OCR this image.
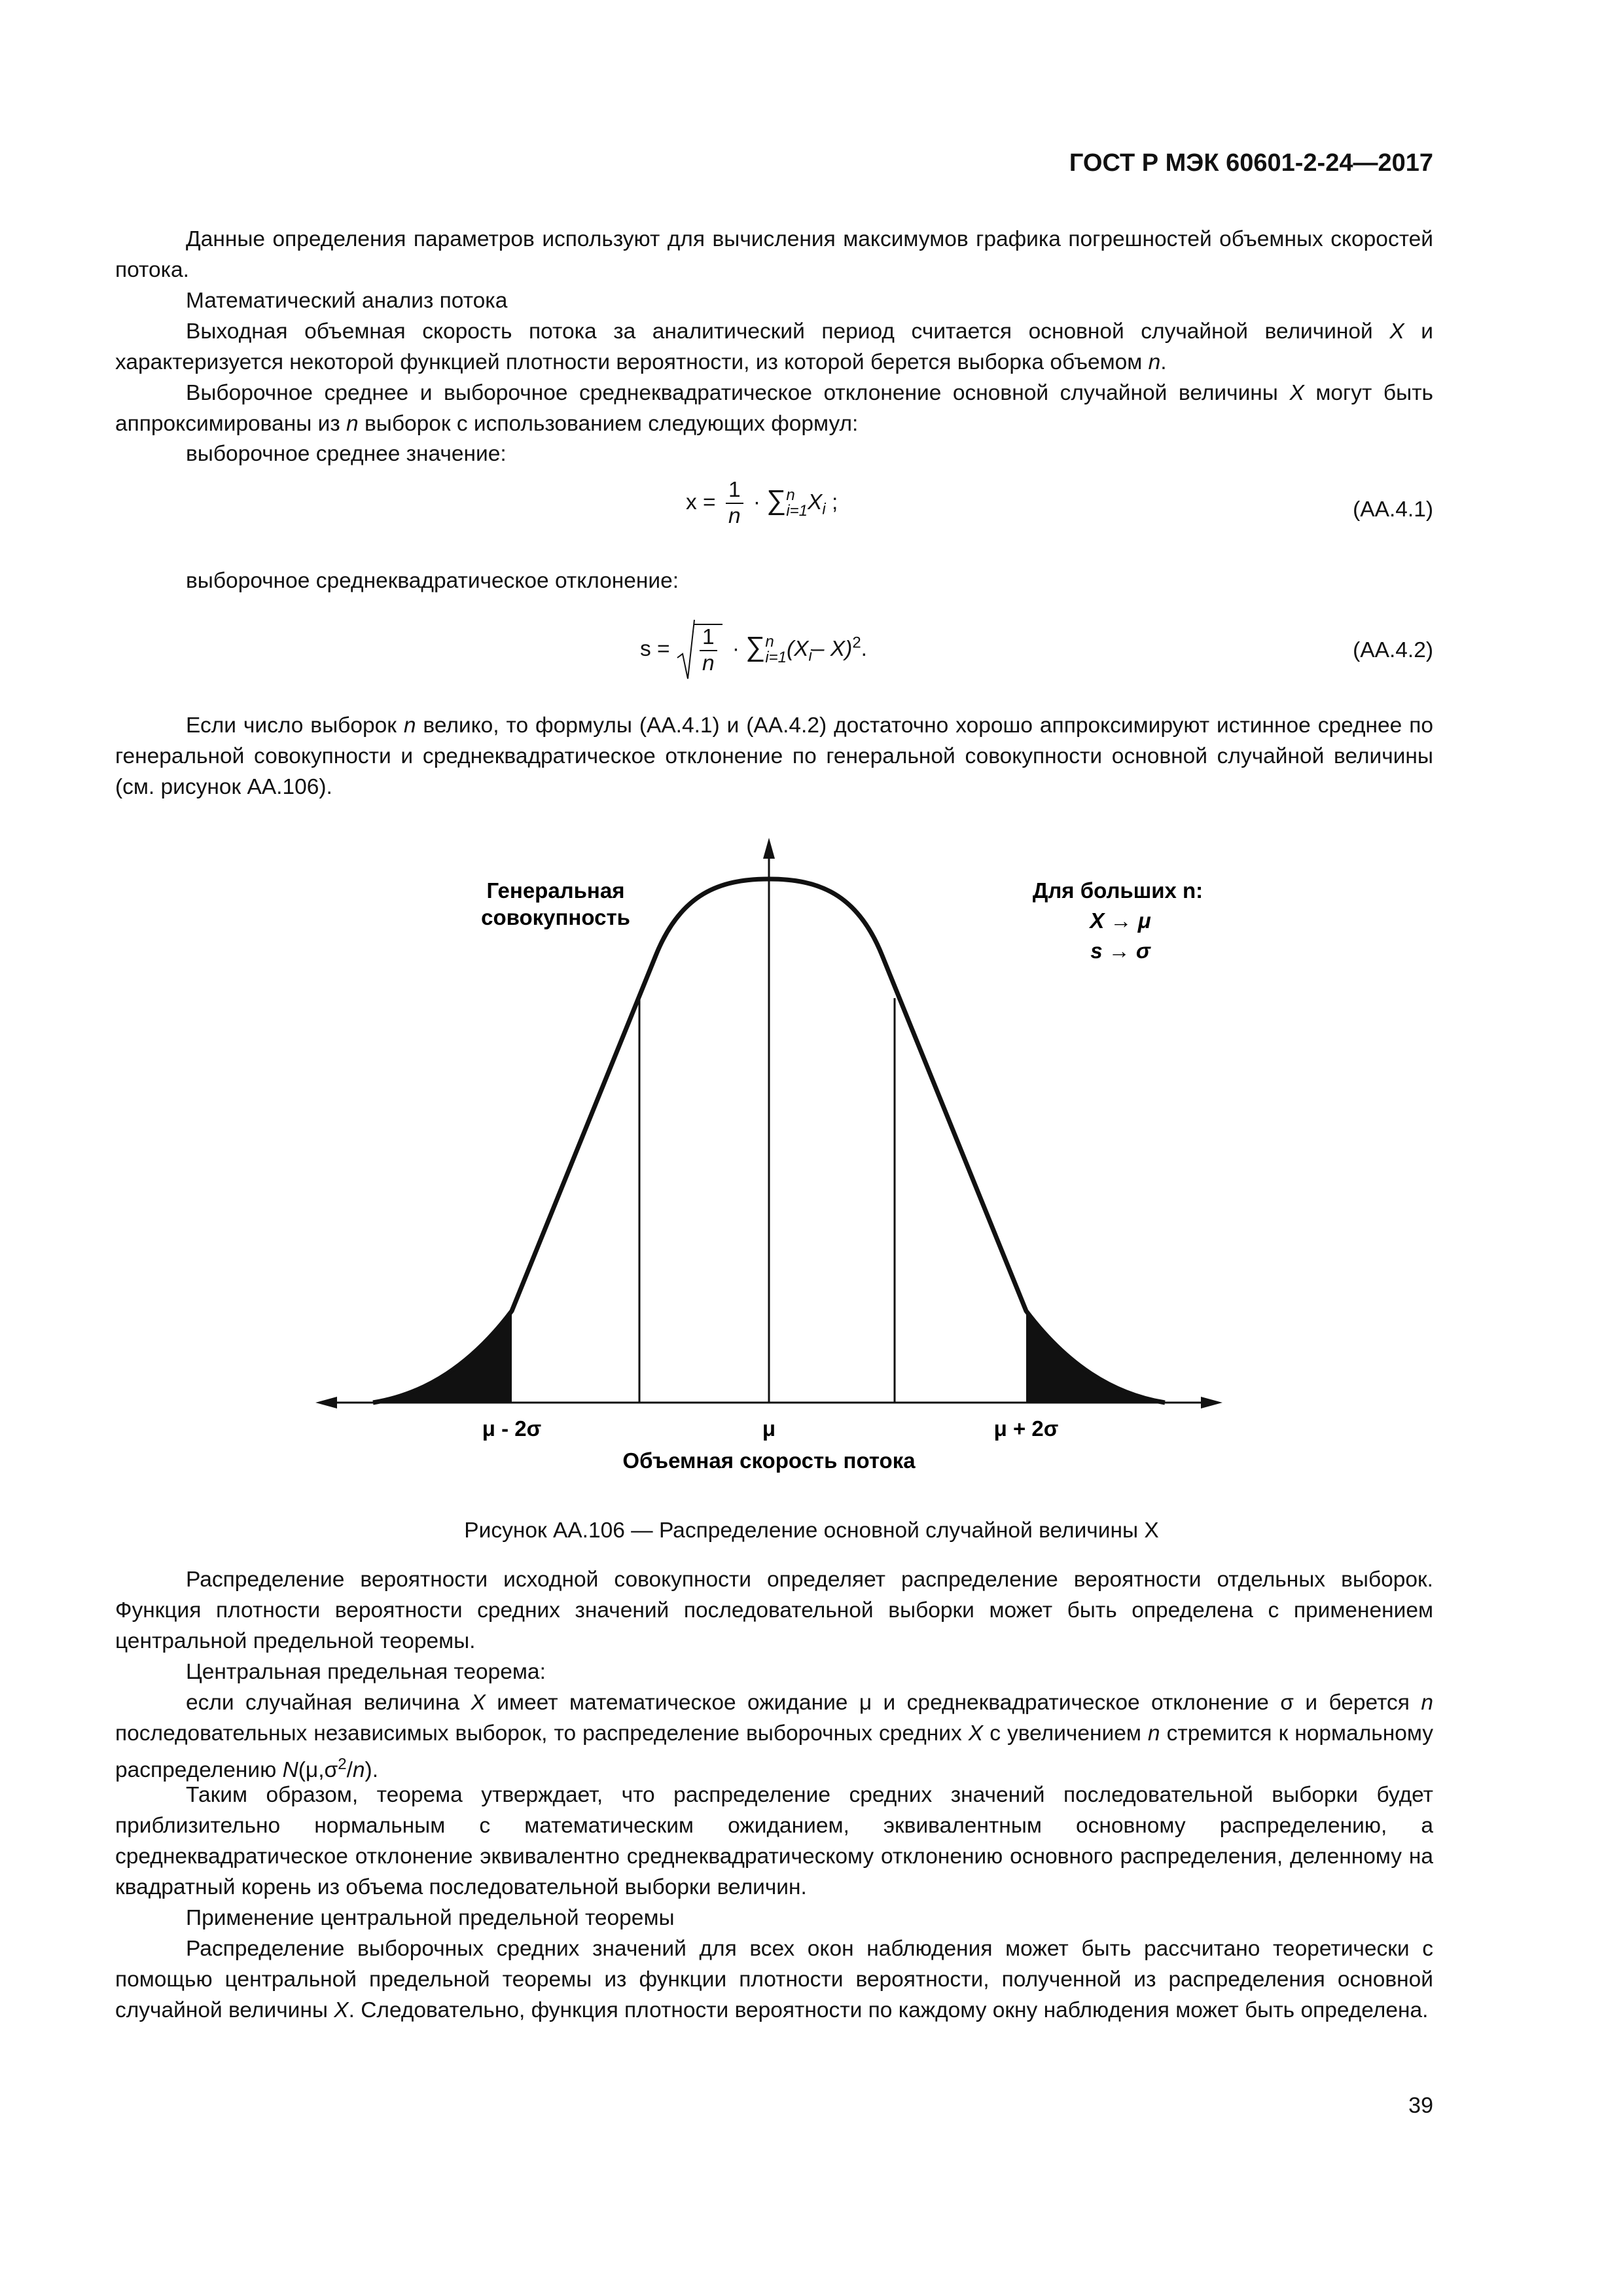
ГОСТ Р МЭК 60601-2-24—2017

Данные определения параметров используют для вычисления максимумов графика погрешностей объемных скоростей потока.

Математический анализ потока

Выходная объемная скорость потока за аналитический период считается основной случайной величиной X и характеризуется некоторой функцией плотности вероятности, из которой берется выборка объемом n.

Выборочное среднее и выборочное среднеквадратическое отклонение основной случайной величины X могут быть аппроксимированы из n выборок с использованием следующих формул:

выборочное среднее значение:
$x = \frac{1}{n}$ · ∑ n
i=1 $X_i$ ;	(АА.4.1)
выборочное среднеквадратическое отклонение:
$s = \frac{1}{n}$ · ∑ n
i=1 ($X_i-$ X)$^2$.	(АА.4.2)

Если число выборок n велико, то формулы (АА.4.1) и (АА.4.2) достаточно хорошо аппроксимируют истинное среднее по генеральной совокупности и среднеквадратическое отклонение по генеральной совокупности основной случайной величины (см. рисунок АА.106).

Генеральная
совокупность
Для больших n:
X → μ
s → σ
μ - 2σ	μ	μ + 2σ
Объемная скорость потока
Рисунок АА.106 — Распределение основной случайной величины X

Распределение вероятности исходной совокупности определяет распределение вероятности отдельных выборок. Функция плотности вероятности средних значений последовательной выборки может быть определена с применением центральной предельной теоремы.

Центральная предельная теорема:

если случайная величина X имеет математическое ожидание μ и среднеквадратическое отклонение σ и берется n последовательных независимых выборок, то распределение выборочных средних X с увеличением n стремится к нормальному распределению $N(\mu,\sigma^2/n)$.

Таким образом, теорема утверждает, что распределение средних значений последовательной выборки будет приблизительно нормальным с математическим ожиданием, эквивалентным основному распределению, а среднеквадратическое отклонение эквивалентно среднеквадратическому отклонению основного распределения, деленному на квадратный корень из объема последовательной выборки величин.

Применение центральной предельной теоремы

Распределение выборочных средних значений для всех окон наблюдения может быть рассчитано теоретически с помощью центральной предельной теоремы из функции плотности вероятности, полученной из распределения основной случайной величины X. Следовательно, функция плотности вероятности по каждому окну наблюдения может быть определена.

39
